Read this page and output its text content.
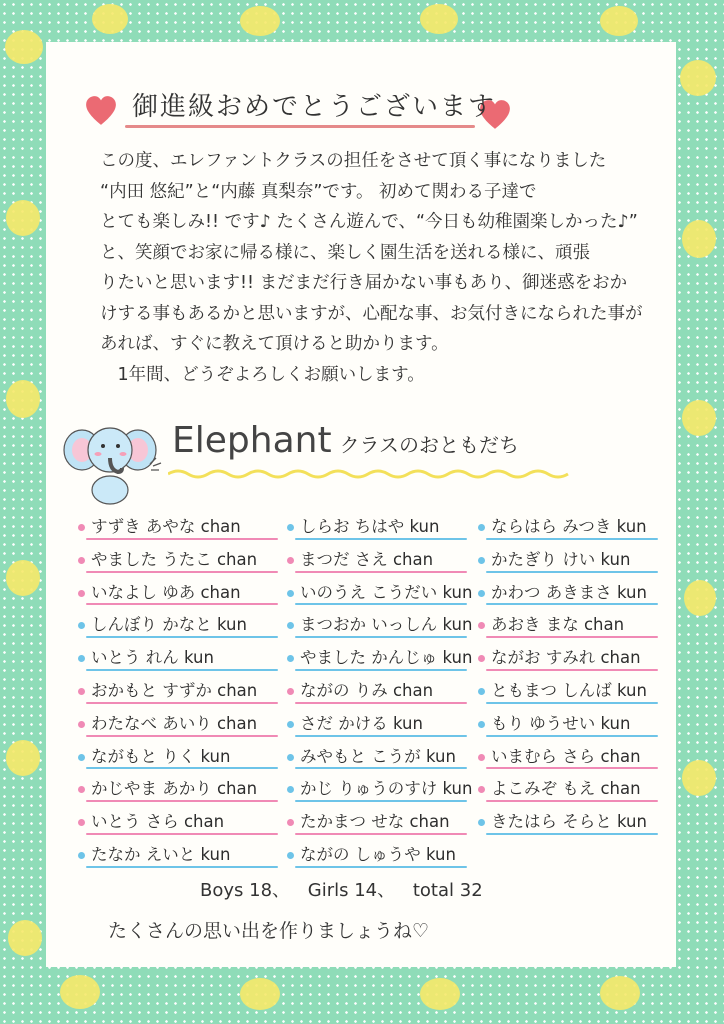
御進級おめでとうございます
この度、エレファントクラスの担任をさせて頂く事になりました
“内田 悠紀”と“内藤 真梨奈”です。 初めて関わる子達で
とても楽しみ!! です♪ たくさん遊んで、“今日も幼稚園楽しかった♪”
と、笑顔でお家に帰る様に、楽しく園生活を送れる様に、頑張
りたいと思います!! まだまだ行き届かない事もあり、御迷惑をおか
けする事もあるかと思いますが、心配な事、お気付きになられた事が
あれば、すぐに教えて頂けると助かります。
　1年間、どうぞよろしくお願いします。
Elephant クラスのおともだち
すずき あやな chan
やました うたこ chan
いなよし ゆあ chan
しんぼり かなと kun
いとう れん kun
おかもと すずか chan
わたなべ あいり chan
ながもと りく kun
かじやま あかり chan
いとう さら chan
たなか えいと kun
しらお ちはや kun
まつだ さえ chan
いのうえ こうだい kun
まつおか いっしん kun
やました かんじゅ kun
ながの りみ chan
さだ かける kun
みやもと こうが kun
かじ りゅうのすけ kun
たかまつ せな chan
ながの しゅうや kun
ならはら みつき kun
かたぎり けい kun
かわつ あきまさ kun
あおき まな chan
ながお すみれ chan
ともまつ しんば kun
もり ゆうせい kun
いまむら さら chan
よこみぞ もえ chan
きたはら そらと kun
Boys 18、 Girls 14、 total 32
たくさんの思い出を作りましょうね♡
